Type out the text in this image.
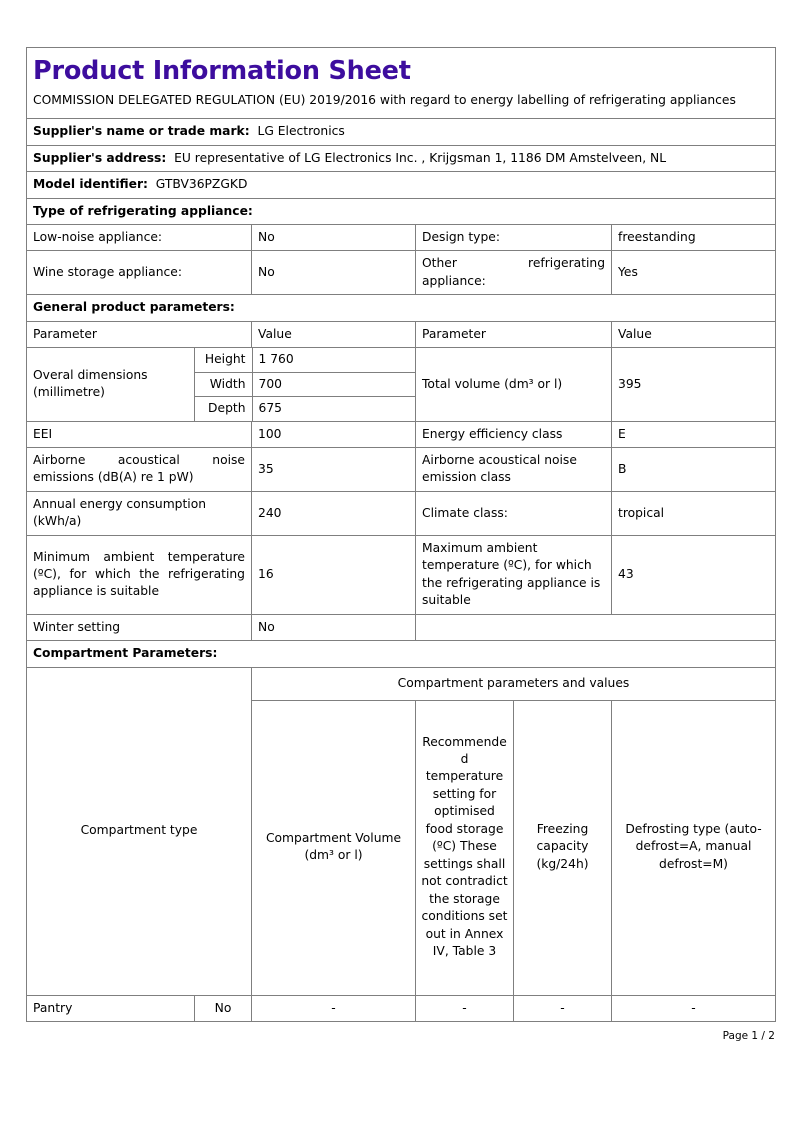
Product Information Sheet

COMMISSION DELEGATED REGULATION (EU) 2019/2016 with regard to energy labelling of refrigerating appliances

Supplier's name or trade mark: LG Electronics
Supplier's address: EU representative of LG Electronics Inc. , Krijgsman 1, 1186 DM Amstelveen, NL
Model identifier: GTBV36PZGKD
Type of refrigerating appliance:
Low-noise appliance:	No	Design type:	freestanding
Wine storage appliance:	No	Other refrigerating appliance:	Yes
General product parameters:
Parameter	Value	Parameter	Value
Overal dimensions (millimetre)	
Height	1 760
Width	700
Depth	675
	Total volume (dm³ or l)	395
EEI	100	Energy efficiency class	E
Airborne acoustical noise emissions (dB(A) re 1 pW)	35	Airborne acoustical noise emission class	B
Annual energy consumption (kWh/a)	240	Climate class:	tropical
Minimum ambient temperature (ºC), for which the refrigerating appliance is suitable	16	Maximum ambient temperature (ºC), for which the refrigerating appliance is suitable	43
Winter setting	No	
Compartment Parameters:
Compartment type	Compartment parameters and values
Compartment Volume (dm³ or l)	Recommended temperature setting for optimised food storage (ºC) These settings shall not contradict the storage conditions set out in Annex IV, Table 3	Freezing capacity (kg/24h)	Defrosting type (auto-defrost=A, manual defrost=M)
Pantry	No	-	-	-	-
Page 1 / 2
